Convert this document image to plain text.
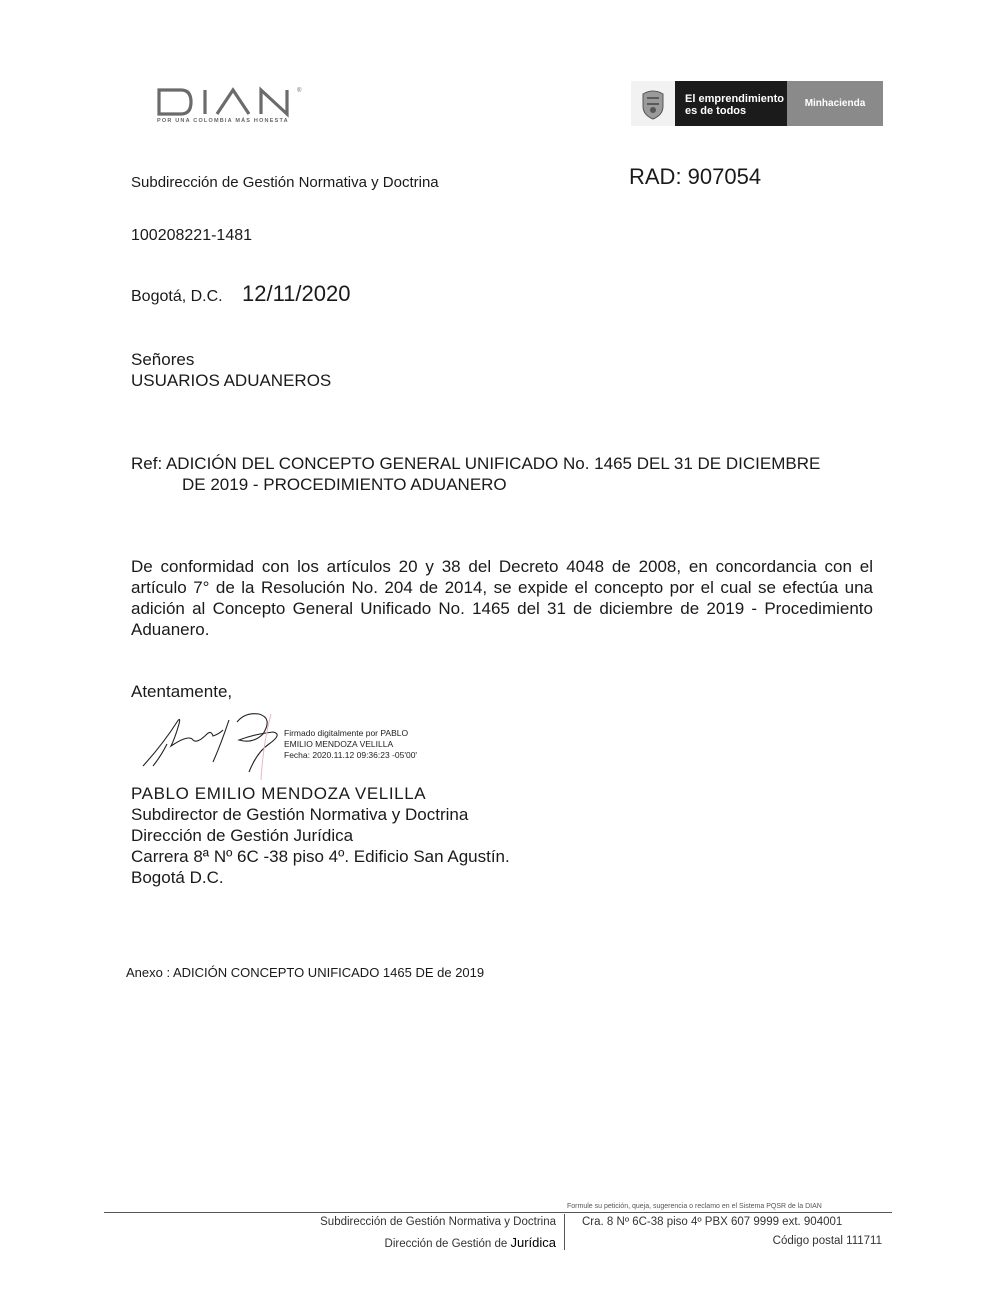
®
POR UNA COLOMBIA MÁS HONESTA
El emprendimiento
es de todos
Minhacienda
Subdirección de Gestión Normativa y Doctrina	RAD: 907054
100208221-1481
Bogotá, D.C. 12/11/2020
Señores
USUARIOS ADUANEROS
Ref: ADICIÓN DEL CONCEPTO GENERAL UNIFICADO No. 1465 DEL 31 DE DICIEMBRE
DE 2019 - PROCEDIMIENTO ADUANERO
De conformidad con los artículos 20 y 38 del Decreto 4048 de 2008, en concordancia con el artículo 7° de la Resolución No. 204 de 2014, se expide el concepto por el cual se efectúa una adición al Concepto General Unificado No. 1465 del 31 de diciembre de 2019 - Procedimiento Aduanero.
Atentamente,
Firmado digitalmente por PABLO
EMILIO MENDOZA VELILLA
Fecha: 2020.11.12 09:36:23 -05'00'
PABLO EMILIO MENDOZA VELILLA
Subdirector de Gestión Normativa y Doctrina
Dirección de Gestión Jurídica
Carrera 8ª Nº 6C -38 piso 4º. Edificio San Agustín.
Bogotá D.C.
Anexo : ADICIÓN CONCEPTO UNIFICADO 1465 DE de 2019
Formule su petición, queja, sugerencia o reclamo en el Sistema PQSR de la DIAN
Subdirección de Gestión Normativa y Doctrina
Dirección de Gestión de Jurídica
Cra. 8 Nº 6C-38 piso 4º PBX 607 9999 ext. 904001
Código postal 111711
